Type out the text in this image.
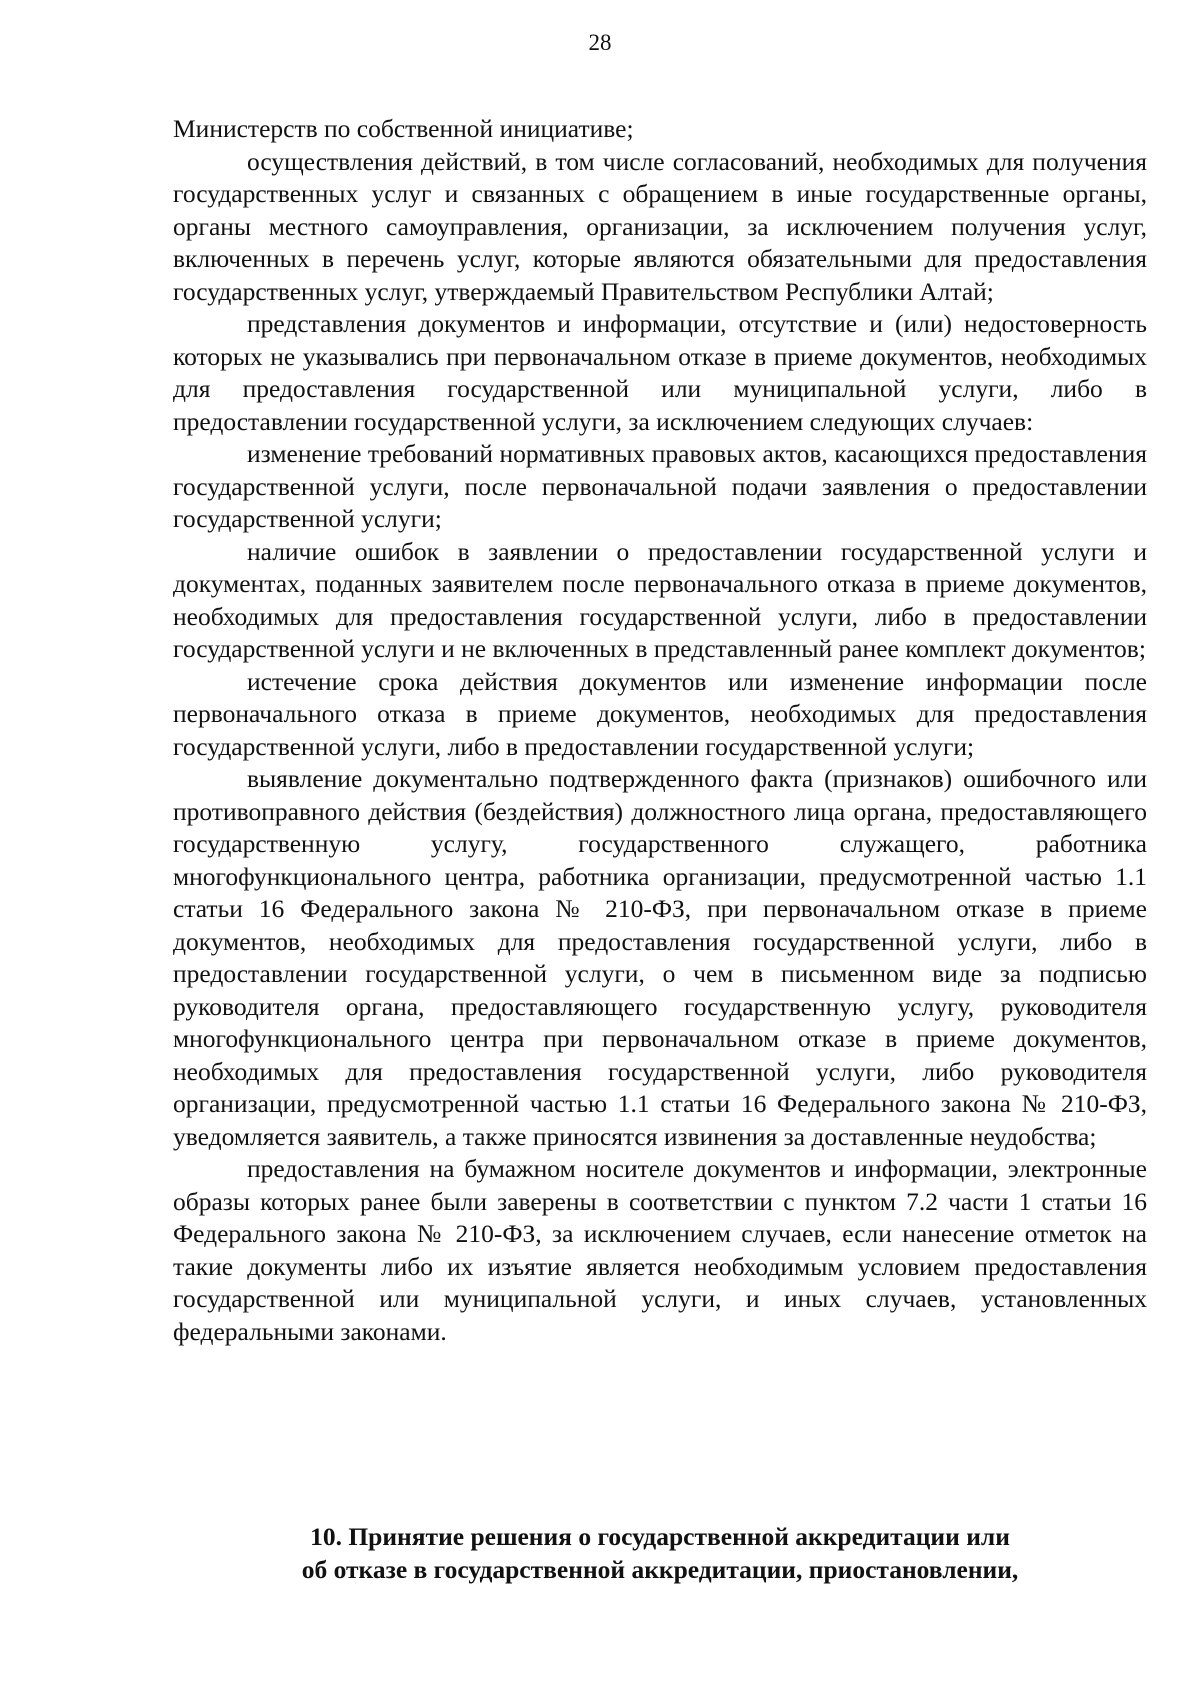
28

Министерств по собственной инициативе;

осуществления действий, в том числе согласований, необходимых для получения государственных услуг и связанных с обращением в иные государственные органы, органы местного самоуправления, организации, за исключением получения услуг, включенных в перечень услуг, которые являются обязательными для предоставления государственных услуг, утверждаемый Правительством Республики Алтай;

представления документов и информации, отсутствие и (или) недостоверность которых не указывались при первоначальном отказе в приеме документов, необходимых для предоставления государственной или муниципальной услуги, либо в предоставлении государственной услуги, за исключением следующих случаев:

изменение требований нормативных правовых актов, касающихся предоставления государственной услуги, после первоначальной подачи заявления о предоставлении государственной услуги;

наличие ошибок в заявлении о предоставлении государственной услуги и документах, поданных заявителем после первоначального отказа в приеме документов, необходимых для предоставления государственной услуги, либо в предоставлении государственной услуги и не включенных в представленный ранее комплект документов;

истечение срока действия документов или изменение информации после первоначального отказа в приеме документов, необходимых для предоставления государственной услуги, либо в предоставлении государственной услуги;

выявление документально подтвержденного факта (признаков) ошибочного или противоправного действия (бездействия) должностного лица органа, предоставляющего государственную услугу, государственного служащего, работника многофункционального центра, работника организации, предусмотренной частью 1.1 статьи 16 Федерального закона № 210-ФЗ, при первоначальном отказе в приеме документов, необходимых для предоставления государственной услуги, либо в предоставлении государственной услуги, о чем в письменном виде за подписью руководителя органа, предоставляющего государственную услугу, руководителя многофункционального центра при первоначальном отказе в приеме документов, необходимых для предоставления государственной услуги, либо руководителя организации, предусмотренной частью 1.1 статьи 16 Федерального закона № 210-ФЗ, уведомляется заявитель, а также приносятся извинения за доставленные неудобства;

предоставления на бумажном носителе документов и информации, электронные образы которых ранее были заверены в соответствии с пунктом 7.2 части 1 статьи 16 Федерального закона № 210-ФЗ, за исключением случаев, если нанесение отметок на такие документы либо их изъятие является необходимым условием предоставления государственной или муниципальной услуги, и иных случаев, установленных федеральными законами.

10. Принятие решения о государственной аккредитации или
об отказе в государственной аккредитации, приостановлении,
